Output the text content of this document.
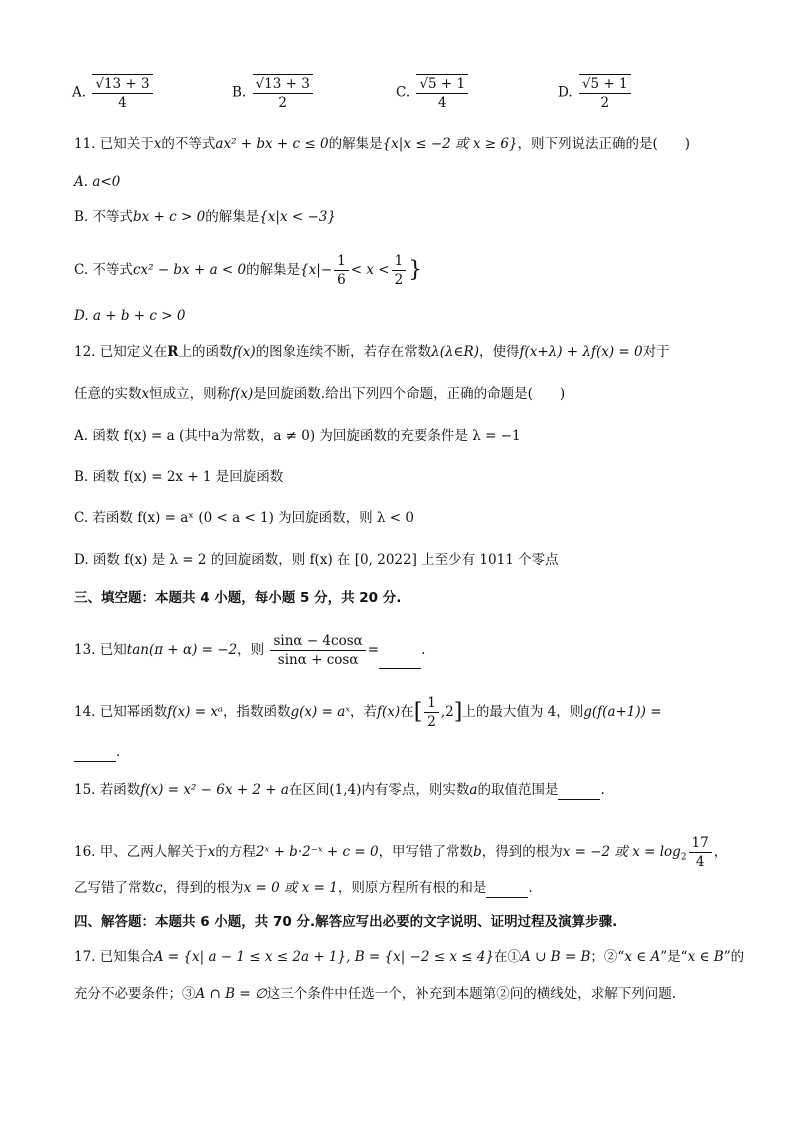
A. $\frac{√13 + 3}{4}$	B. $\frac{√13 + 3}{2}$	C. $\frac{√5 + 1}{4}$	D. $\frac{√5 + 1}{2}$
11. 已知关于x的不等式ax² + bx + c ≤ 0的解集是{x|x ≤ −2 或 x ≥ 6}，则下列说法正确的是(　　)
A. a<0
B. 不等式bx + c > 0的解集是{x|x < −3}
C. 不等式cx² − bx + a < 0的解集是{$x|- \frac{1}{6} < x < \frac{1}{2}$ }
D. a + b + c > 0
12. 已知定义在R上的函数f(x)的图象连续不断，若存在常数λ(λ∈R)，使得f(x+λ) + λf(x) = 0对于
任意的实数x恒成立，则称f(x)是回旋函数.给出下列四个命题，正确的命题是(　　)
A. 函数 f(x) = a (其中a为常数，a ≠ 0) 为回旋函数的充要条件是 λ = −1
B. 函数 f(x) = 2x + 1 是回旋函数
C. 若函数 f(x) = aˣ (0 < a < 1) 为回旋函数，则 λ < 0
D. 函数 f(x) 是 λ = 2 的回旋函数，则 f(x) 在 [0, 2022] 上至少有 1011 个零点
三、填空题：本题共 4 小题，每小题 5 分，共 20 分.
13. 已知tan(π + α) = −2，则 $\frac{\sin\alpha - 4\cos\alpha}{\sin\alpha + \cos\alpha}$ =	.
14. 已知幂函数f(x) = xᵃ，指数函数g(x) = aˣ，若f(x)在[ $\frac{1}{2} ,2$]上的最大值为 4，则g(f(a+1)) =
.
15. 若函数f(x) = x² − 6x + 2 + a在区间(1,4)内有零点，则实数a的取值范围是	.
16. 甲、乙两人解关于x的方程2ˣ + b·2⁻ˣ + c = 0，甲写错了常数b，得到的根为x = −2 或 $x = \log_2 \frac{17}{4}$ ，
乙写错了常数c，得到的根为x = 0 或 x = 1，则原方程所有根的和是	.
四、解答题：本题共 6 小题，共 70 分.解答应写出必要的文字说明、证明过程及演算步骤.
17. 已知集合A = {x| a − 1 ≤ x ≤ 2a + 1}, B = {x| −2 ≤ x ≤ 4}在①A ∪ B = B；②“x ∈ A”是“x ∈ B”的
充分不必要条件；③A ∩ B = ∅这三个条件中任选一个，补充到本题第②问的横线处，求解下列问题.
